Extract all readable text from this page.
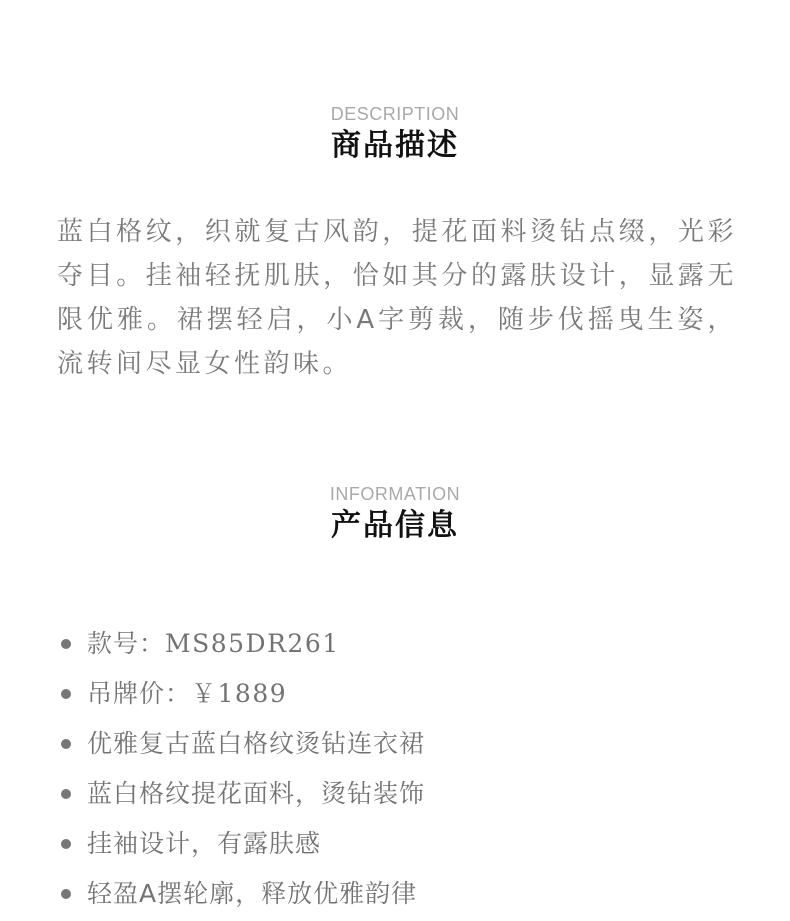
DESCRIPTION
商品描述

蓝白格纹，织就复古风韵，提花面料烫钻点缀，光彩夺目。挂袖轻抚肌肤，恰如其分的露肤设计，显露无限优雅。裙摆轻启，小A字剪裁，随步伐摇曳生姿，流转间尽显女性韵味。

INFORMATION
产品信息
款号：MS85DR261
吊牌价：￥1889
优雅复古蓝白格纹烫钻连衣裙
蓝白格纹提花面料，烫钻装饰
挂袖设计，有露肤感
轻盈A摆轮廓，释放优雅韵律
